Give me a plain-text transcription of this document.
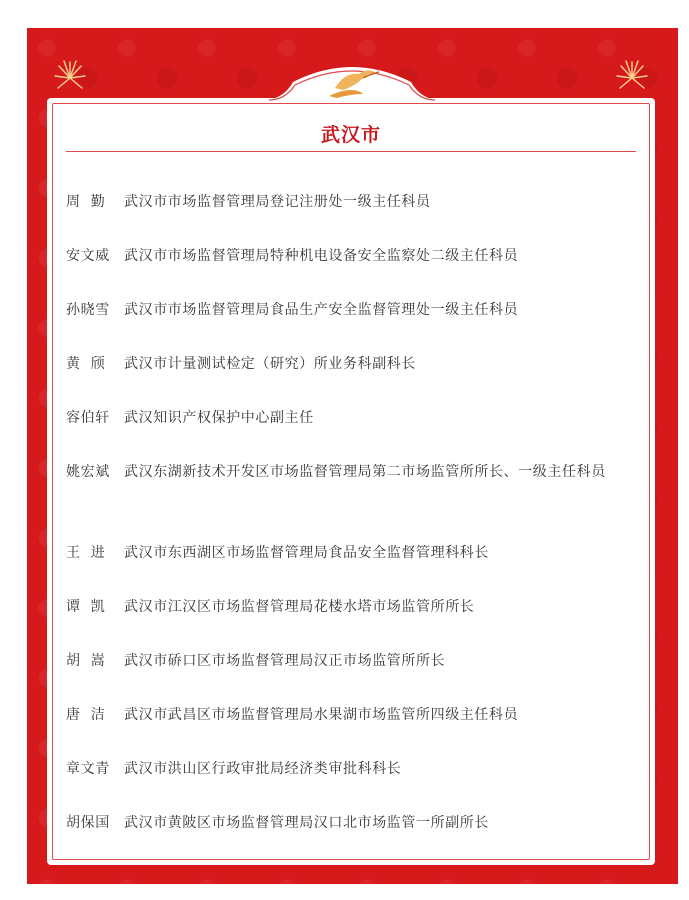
武汉市
周  勤 武汉市市场监督管理局登记注册处一级主任科员
安文威 武汉市市场监督管理局特种机电设备安全监察处二级主任科员
孙晓雪 武汉市市场监督管理局食品生产安全监督管理处一级主任科员
黄  颀 武汉市计量测试检定（研究）所业务科副科长
容伯轩 武汉知识产权保护中心副主任
姚宏斌 武汉东湖新技术开发区市场监督管理局第二市场监管所所长、一级主任科员
王  进 武汉市东西湖区市场监督管理局食品安全监督管理科科长
谭  凯 武汉市江汉区市场监督管理局花楼水塔市场监管所所长
胡  嵩 武汉市硚口区市场监督管理局汉正市场监管所所长
唐  洁 武汉市武昌区市场监督管理局水果湖市场监管所四级主任科员
章文青 武汉市洪山区行政审批局经济类审批科科长
胡保国 武汉市黄陂区市场监督管理局汉口北市场监管一所副所长
